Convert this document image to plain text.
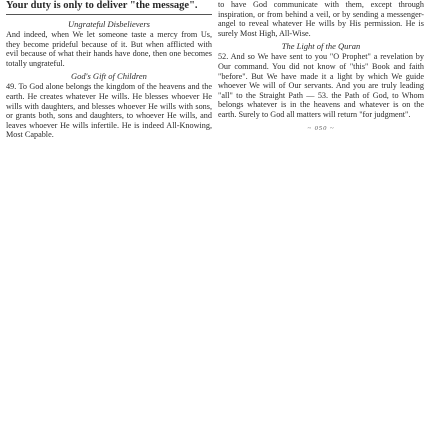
Your duty is only to deliver "the message".
Ungrateful Disbelievers

And indeed, when We let someone taste a mercy from Us, they become prideful because of it. But when afflicted with evil because of what their hands have done, then one becomes totally ungrateful.

God's Gift of Children

49. To God alone belongs the kingdom of the heavens and the earth. He creates whatever He wills. He blesses whoever He wills with daughters, and blesses whoever He wills with sons, or grants both, sons and daughters, to whoever He wills, and leaves whoever He wills infertile. He is indeed All-Knowing, Most Capable.

to have God communicate with them, except through inspiration, or from behind a veil, or by sending a messenger-angel to reveal whatever He wills by His permission. He is surely Most High, All-Wise.

The Light of the Quran

52. And so We have sent to you "O Prophet" a revelation by Our command. You did not know of "this" Book and faith "before". But We have made it a light by which We guide whoever We will of Our servants. And you are truly leading "all" to the Straight Path — 53. the Path of God, to Whom belongs whatever is in the heavens and whatever is on the earth. Surely to God all matters will return "for judgment".

~ 050 ~
